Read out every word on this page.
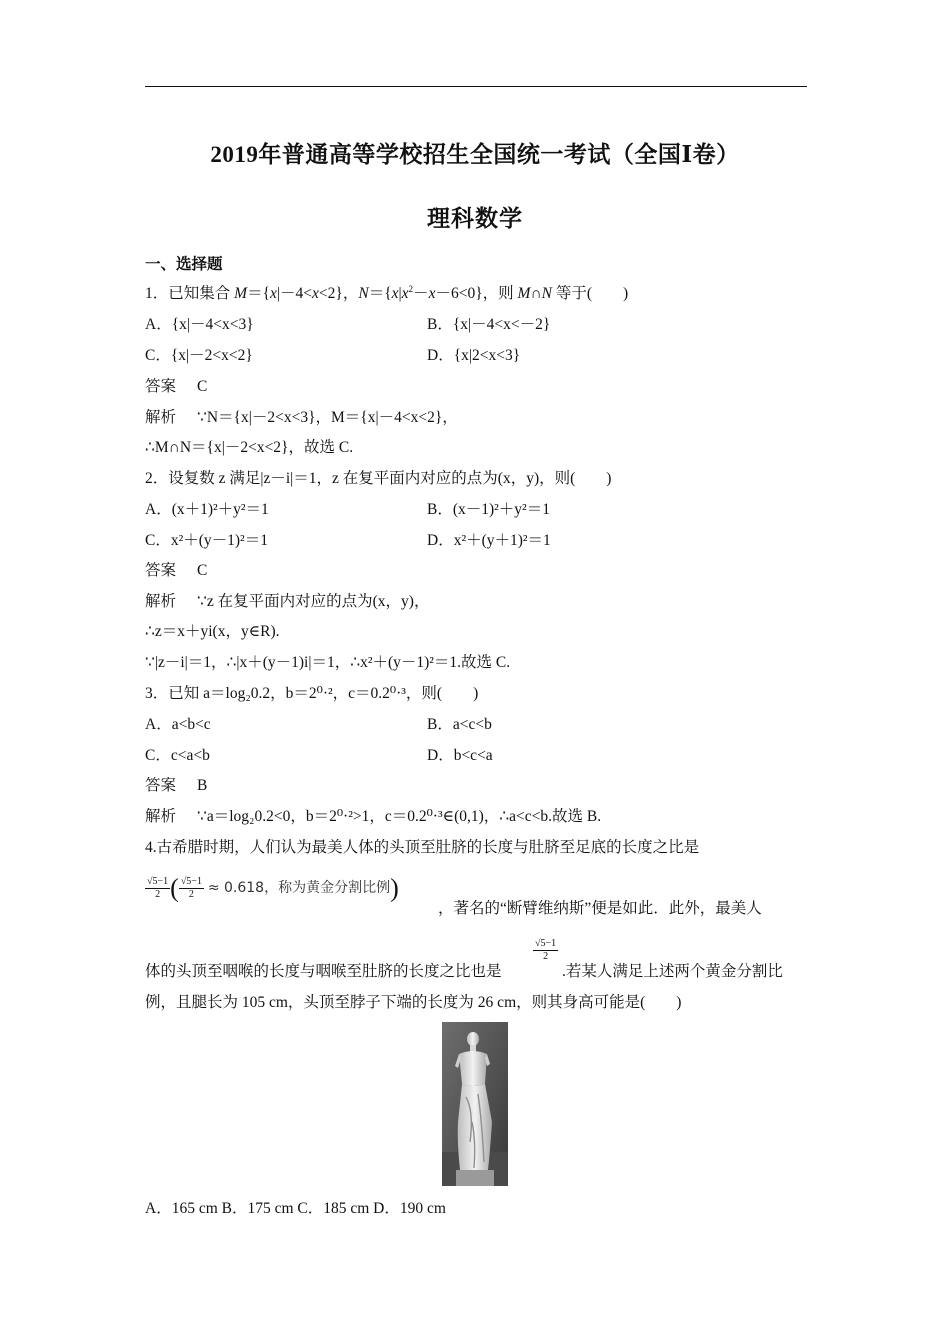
2019年普通高等学校招生全国统一考试（全国Ⅰ卷）
理科数学
一、选择题
1．已知集合 M＝{x|－4<x<2}，$N=\{x|x^2-x-6<0\}$，则 M∩N 等于(　　)
A．{x|－4<x<3}	B．{x|－4<x<－2}
C．{x|－2<x<2}	D．{x|2<x<3}
答案 C
解析 ∵N＝{x|－2<x<3}，M＝{x|－4<x<2}，
∴M∩N＝{x|－2<x<2}，故选 C.
2．设复数 z 满足|z－i|＝1，z 在复平面内对应的点为(x，y)，则(　　)
A．(x＋1)²＋y²＝1	B．(x－1)²＋y²＝1
C．x²＋(y－1)²＝1	D．x²＋(y＋1)²＝1
答案 C
解析 ∵z 在复平面内对应的点为(x，y)，
∴z＝x＋yi(x，y∈R).
∵|z－i|＝1，∴|x＋(y－1)i|＝1，∴x²＋(y－1)²＝1.故选 C.
3．已知 a＝log₂0.2，b＝2⁰·²，c＝0.2⁰·³，则(　　)
A．a<b<c	B．a<c<b
C．c<a<b	D．b<c<a
答案 B
解析 ∵a＝log₂0.2<0，b＝2⁰·²>1，c＝0.2⁰·³∈(0,1)，∴a<c<b.故选 B.
4.古希腊时期，人们认为最美人体的头顶至肚脐的长度与肚脐至足底的长度之比是
$\frac{√5-1}{2}$ ( $\frac{√5-1}{2} \approx 0.618$，称为黄金分割比例)
，著名的“断臂维纳斯”便是如此．此外，最美人
体的头顶至咽喉的长度与咽喉至肚脐的长度之比也是
$\frac{√5-1}{2}$
.若某人满足上述两个黄金分割比
例，且腿长为 105 cm，头顶至脖子下端的长度为 26 cm，则其身高可能是(　　)
A．165 cm B．175 cm C．185 cm D．190 cm
